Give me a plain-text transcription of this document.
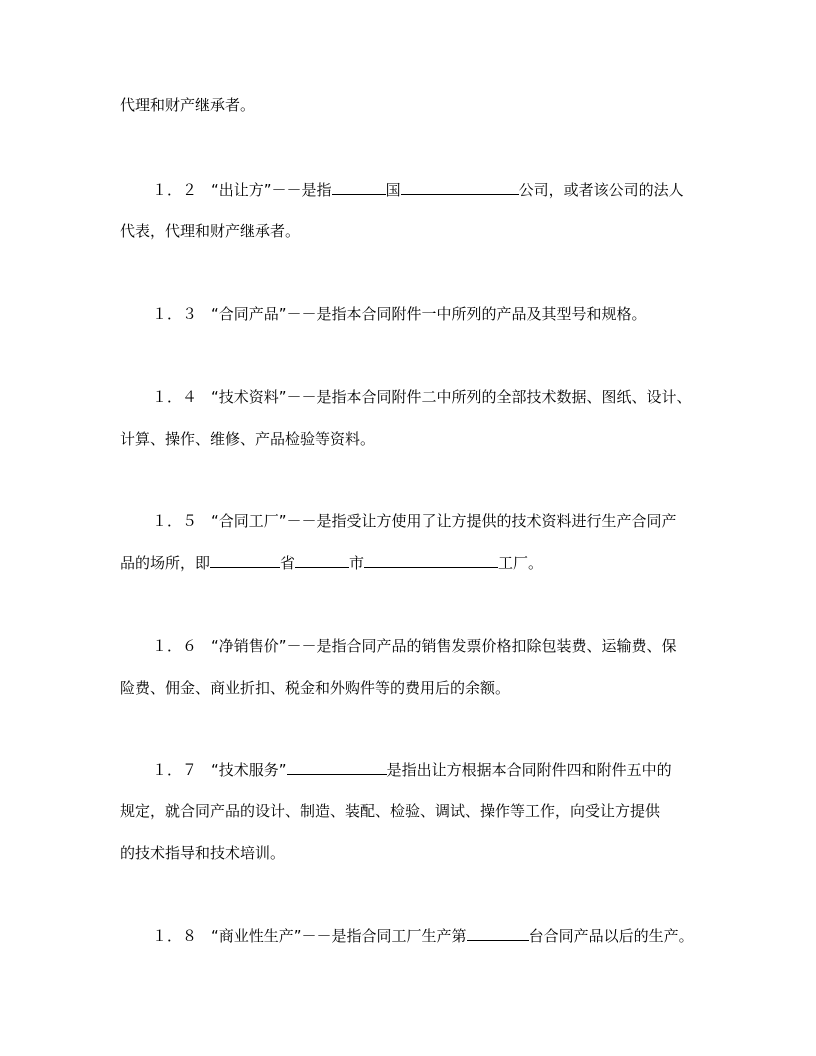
代理和财产继承者。
１．２ “出让方”－－是指	国	公司，或者该公司的法人
代表，代理和财产继承者。
１．３ “合同产品”－－是指本合同附件一中所列的产品及其型号和规格。
１．４ “技术资料”－－是指本合同附件二中所列的全部技术数据、图纸、设计、
计算、操作、维修、产品检验等资料。
１．５ “合同工厂”－－是指受让方使用了让方提供的技术资料进行生产合同产
品的场所，即	省	市	工厂。
１．６ “净销售价”－－是指合同产品的销售发票价格扣除包装费、运输费、保
险费、佣金、商业折扣、税金和外购件等的费用后的余额。
１．７ “技术服务”	是指出让方根据本合同附件四和附件五中的
规定，就合同产品的设计、制造、装配、检验、调试、操作等工作，向受让方提供
的技术指导和技术培训。
１．８ “商业性生产”－－是指合同工厂生产第	台合同产品以后的生产。
